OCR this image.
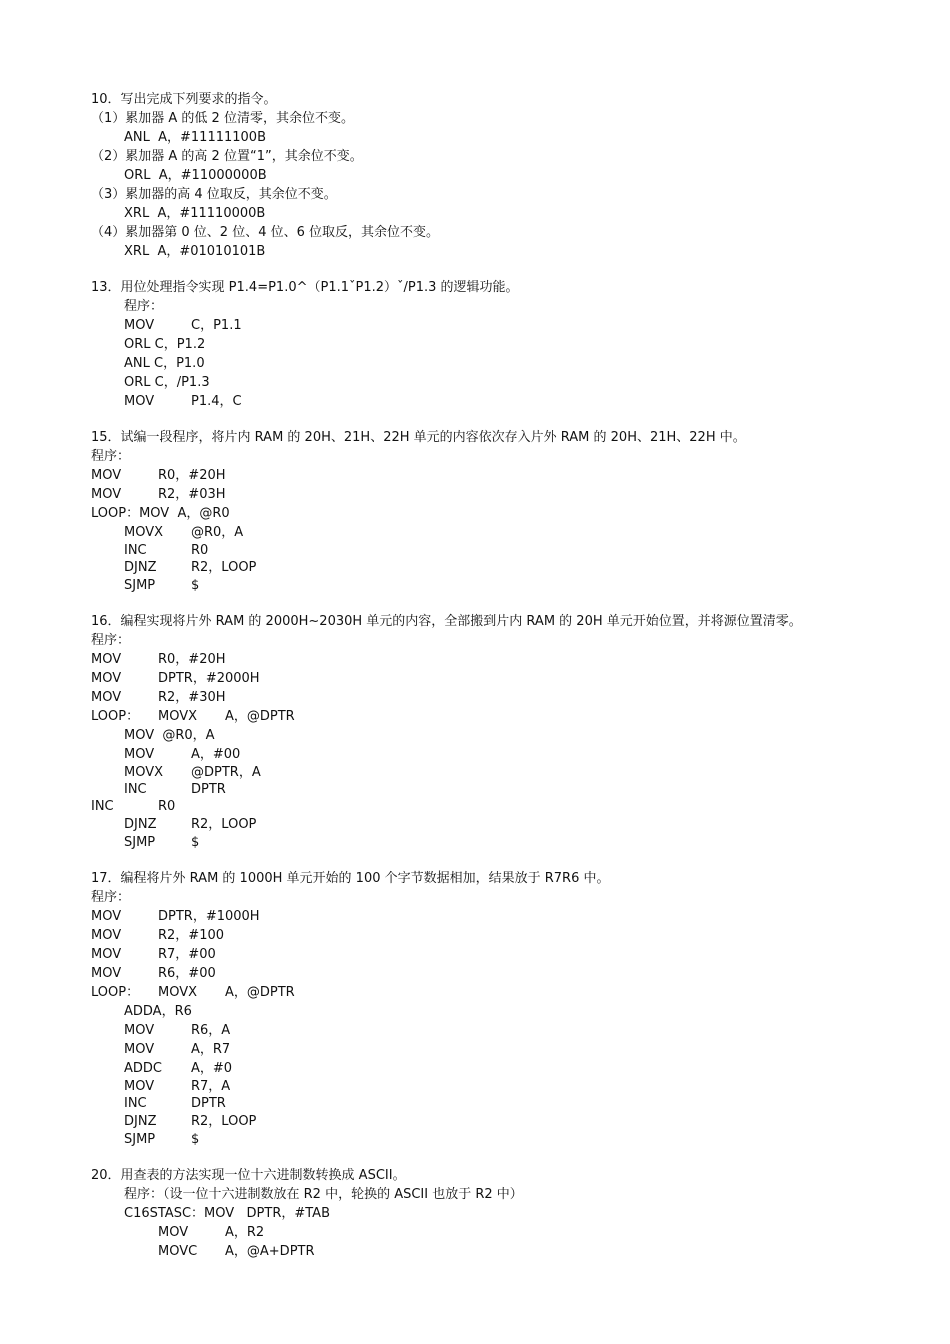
10．写出完成下列要求的指令。
（1）累加器 A 的低 2 位清零，其余位不变。
ANL  A，#11111100B
（2）累加器 A 的高 2 位置“1”，其余位不变。
ORL  A，#11000000B
（3）累加器的高 4 位取反，其余位不变。
XRL  A，#11110000B
（4）累加器第 0 位、2 位、4 位、6 位取反，其余位不变。
XRL  A，#01010101B
13．用位处理指令实现 P1.4=P1.0^（P1.1ˇP1.2）ˇ/P1.3 的逻辑功能。
程序：
MOV	C，P1.1
ORL C，P1.2
ANL C，P1.0
ORL C，/P1.3
MOV	P1.4，C
15．试编一段程序，将片内 RAM 的 20H、21H、22H 单元的内容依次存入片外 RAM 的 20H、21H、22H 中。
程序：
MOV	R0，#20H
MOV	R2，#03H
LOOP：MOV  A，@R0
MOVX @R0，A
INC	R0
DJNZ	R2，LOOP
SJMP	$
16．编程实现将片外 RAM 的 2000H~2030H 单元的内容，全部搬到片内 RAM 的 20H 单元开始位置，并将源位置清零。
程序：
MOV	R0，#20H
MOV	DPTR，#2000H
MOV	R2，#30H
LOOP： MOVX A，@DPTR
MOV  @R0，A
MOV	A，#00
MOVX @DPTR，A
INC	DPTR
INC	R0
DJNZ	R2，LOOP
SJMP	$
17．编程将片外 RAM 的 1000H 单元开始的 100 个字节数据相加，结果放于 R7R6 中。
程序：
MOV	DPTR，#1000H
MOV	R2，#100
MOV	R7，#00
MOV	R6，#00
LOOP： MOVX A，@DPTR
ADDA，R6
MOV	R6，A
MOV	A，R7
ADDC A，#0
MOV	R7，A
INC	DPTR
DJNZ	R2，LOOP
SJMP	$
20．用查表的方法实现一位十六进制数转换成 ASCII。
程序：（设一位十六进制数放在 R2 中，轮换的 ASCII 也放于 R2 中）
C16STASC：MOV   DPTR，#TAB
MOV	A，R2
MOVC A，@A+DPTR
